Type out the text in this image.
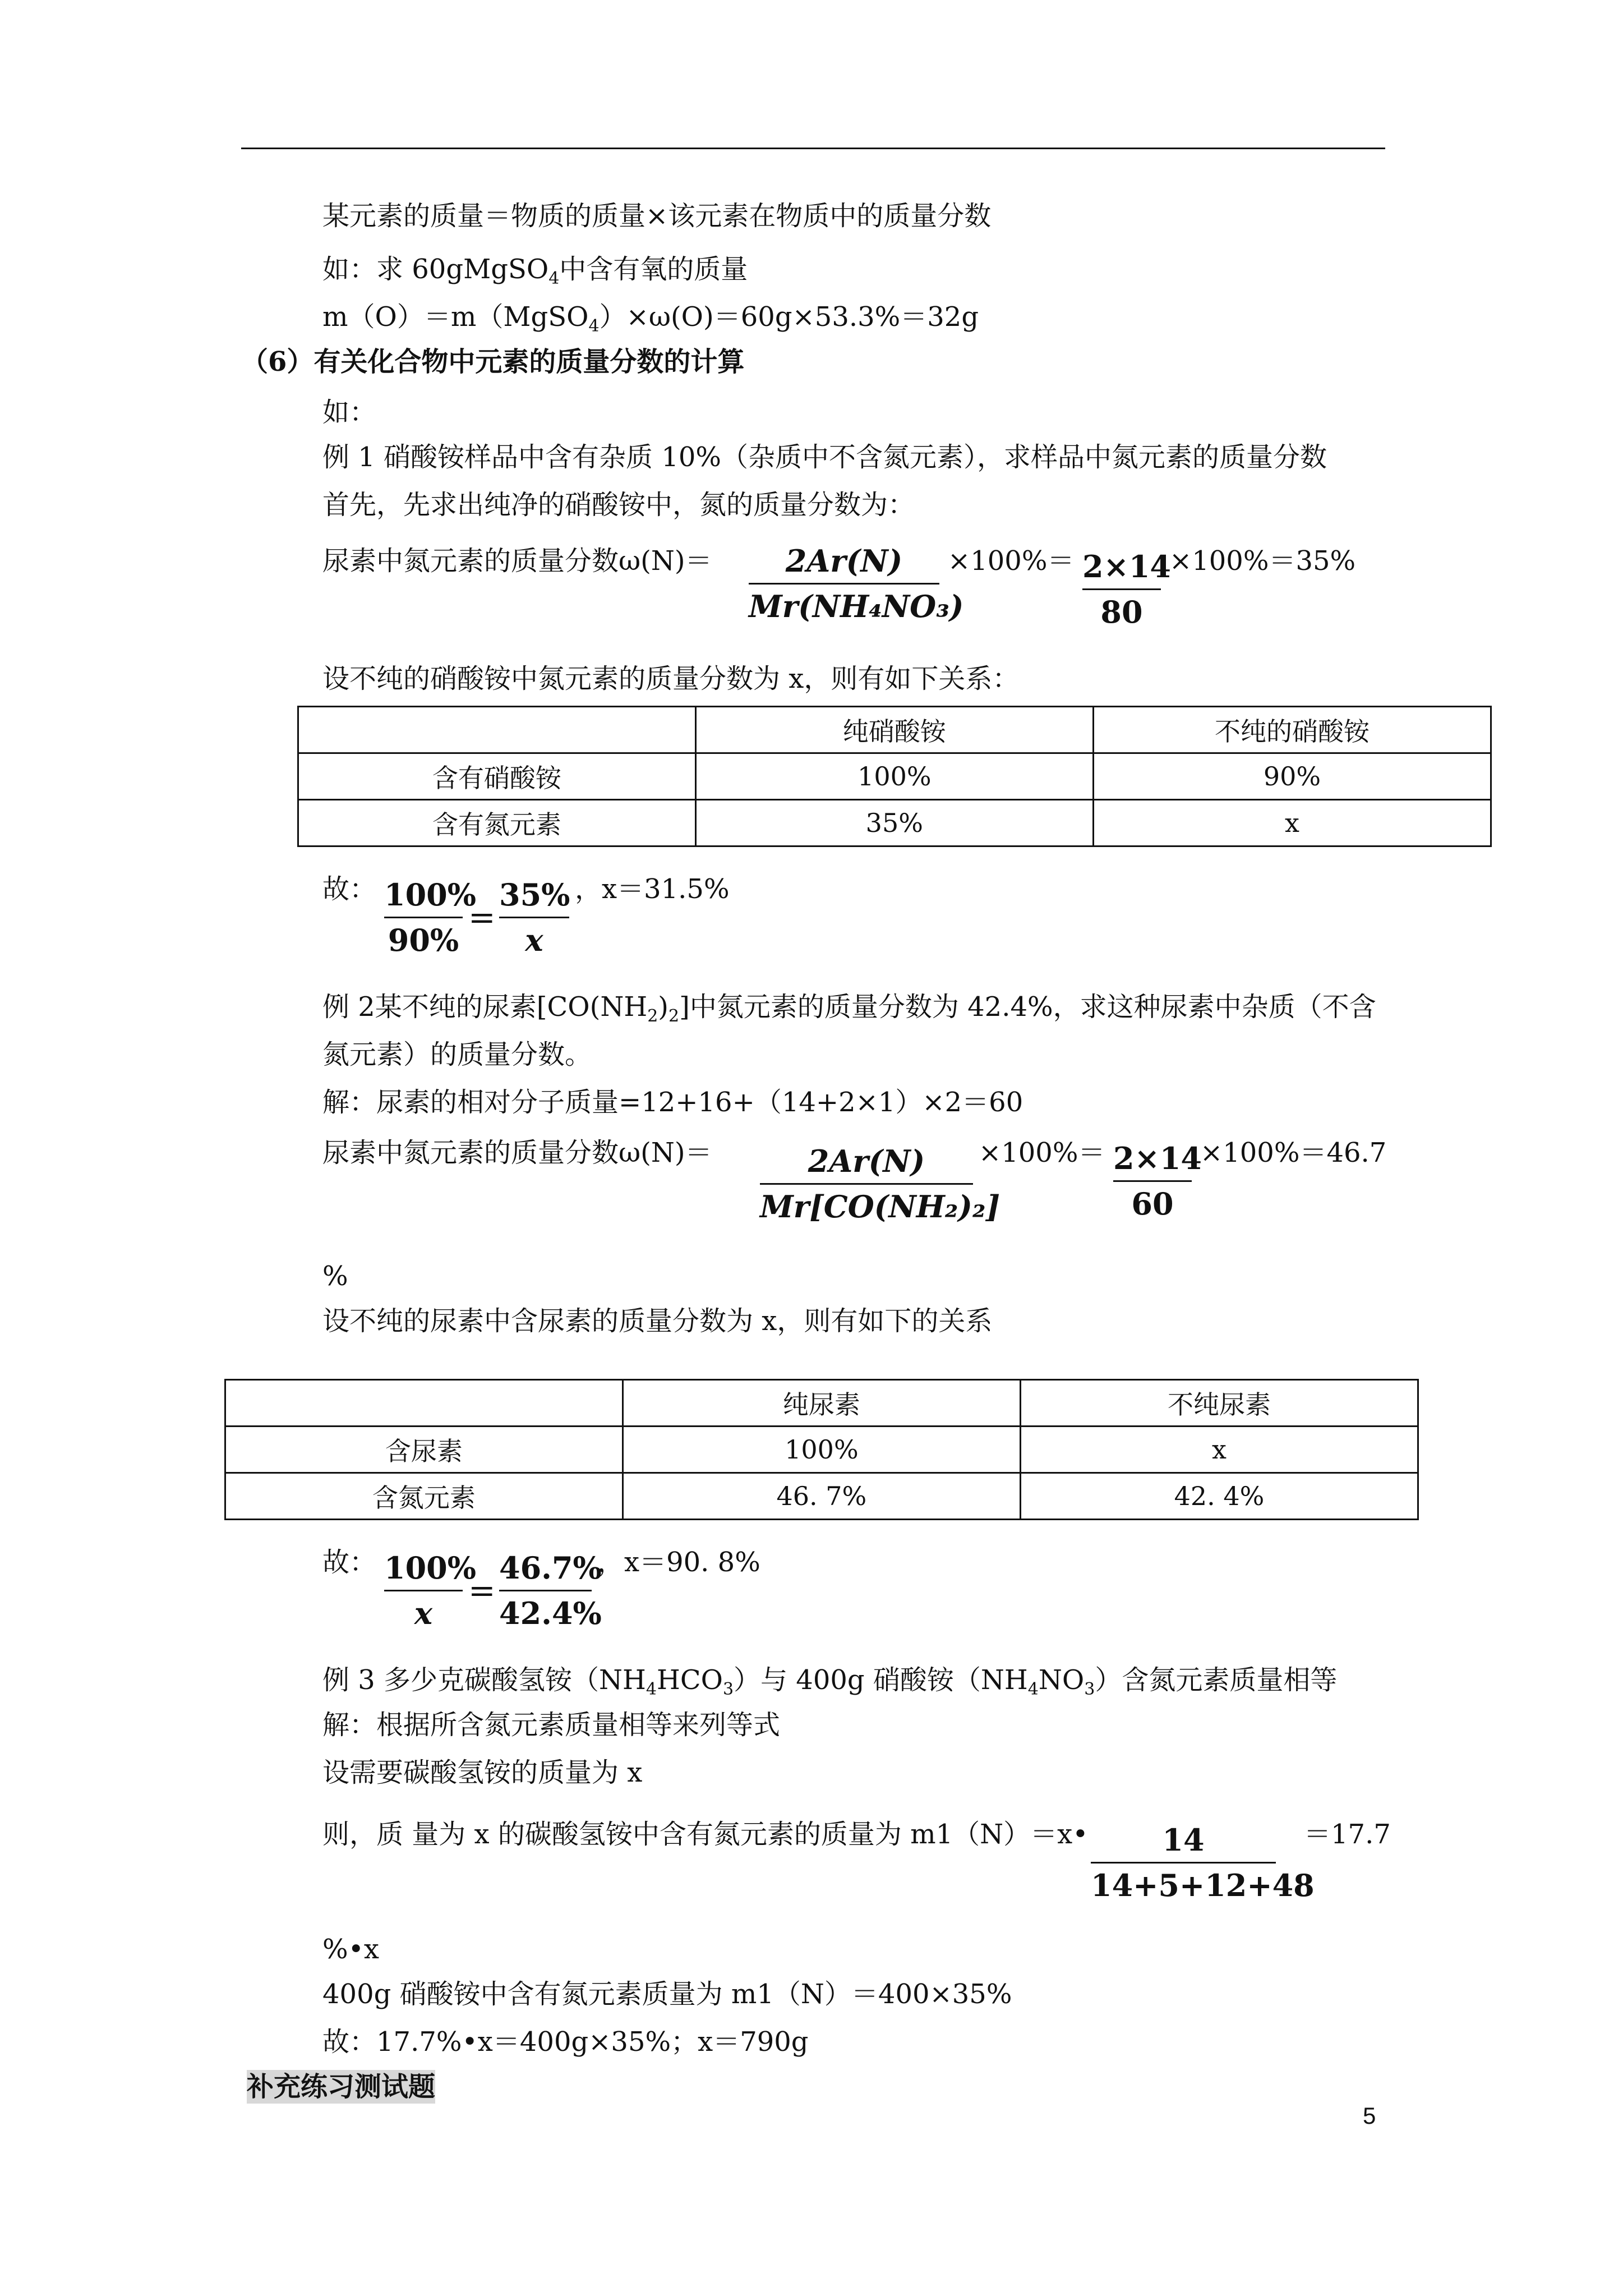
某元素的质量＝物质的质量×该元素在物质中的质量分数
如：求 60gMgSO$_4$中含有氧的质量
m（O）＝m（MgSO$_4$）×ω(O)＝60g×53.3%＝32g
（6）有关化合物中元素的质量分数的计算
如：
例 1 硝酸铵样品中含有杂质 10%（杂质中不含氮元素），求样品中氮元素的质量分数
首先，先求出纯净的硝酸铵中，氮的质量分数为：
尿素中氮元素的质量分数ω(N)＝	2Ar(N)
Mr(NH₄NO₃)
×100%＝ 2×14
80
×100%＝35%
设不纯的硝酸铵中氮元素的质量分数为 x，则有如下关系：
	纯硝酸铵	不纯的硝酸铵
含有硝酸铵	100%	90%
含有氮元素	35%	x
故： 100%
90%
=
35%
x
，x＝31.5%
例 2某不纯的尿素$[CO(NH_2)_2]$中氮元素的质量分数为 42.4%，求这种尿素中杂质（不含
氮元素）的质量分数。
解：尿素的相对分子质量=12+16+（14+2×1）×2＝60
尿素中氮元素的质量分数ω(N)＝	2Ar(N)
Mr[CO(NH₂)₂]
×100%＝ 2×14
60
×100%＝46.7
%
设不纯的尿素中含尿素的质量分数为 x，则有如下的关系
	纯尿素	不纯尿素
含尿素	100%	x
含氮元素	46. 7%	42. 4%
故： 100%
x
=
46.7%
42.4%
，x＝90. 8%
例 3 多少克碳酸氢铵$(NH_4HCO_3)$与 400g 硝酸铵$(NH_4NO_3)$含氮元素质量相等
解：根据所含氮元素质量相等来列等式
设需要碳酸氢铵的质量为 x
则，质 量为 x 的碳酸氢铵中含有氮元素的质量为 m1（N）＝x•	14
14+5+12+48
＝17.7
%•x
400g 硝酸铵中含有氮元素质量为 m1（N）＝400×35%
故：17.7%•x＝400g×35%；x＝790g
补充练习测试题
5
